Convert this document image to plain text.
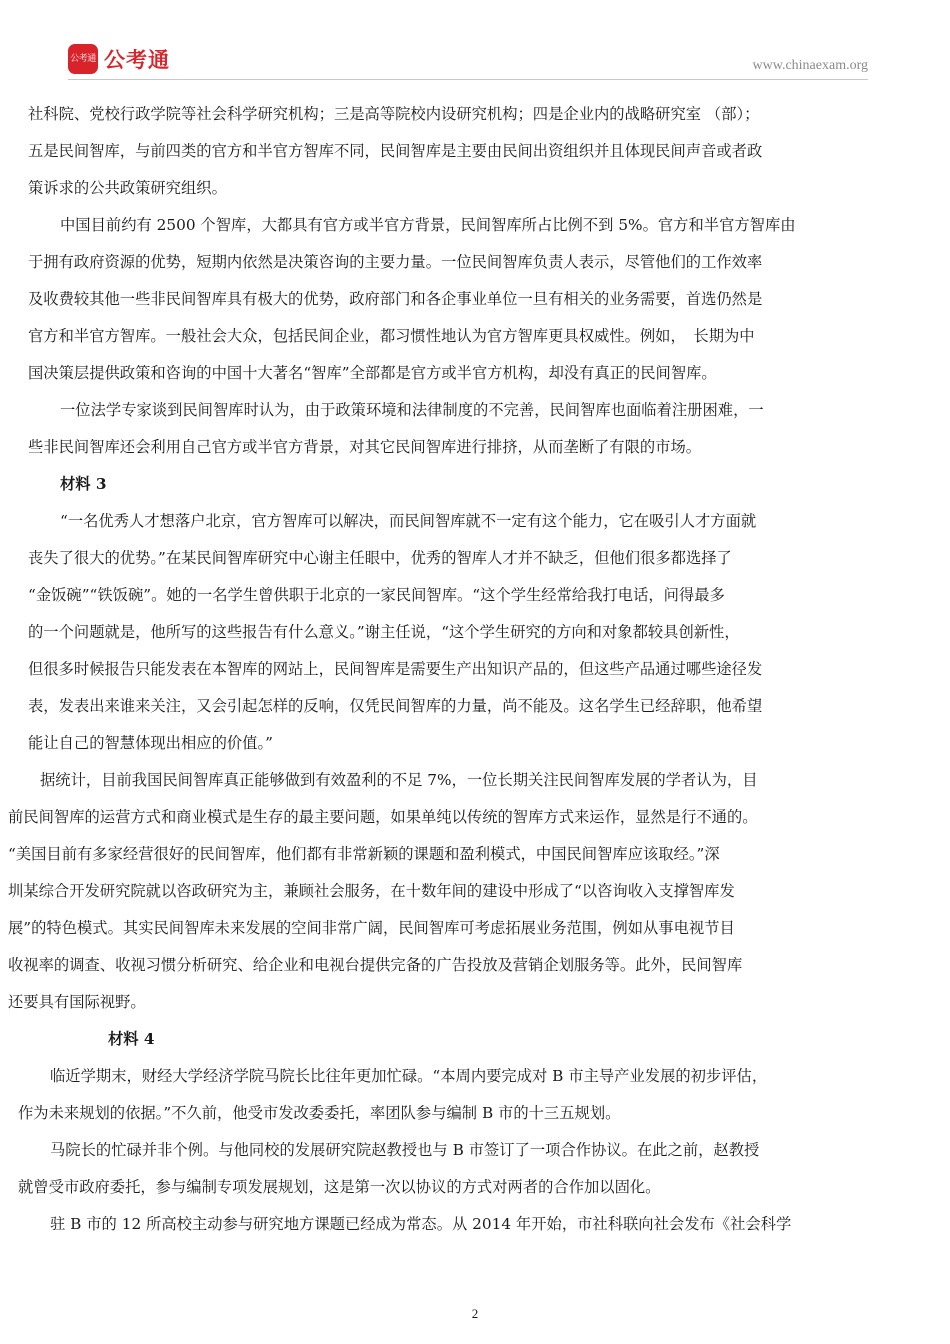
公考通 公考通	www.chinaexam.org

社科院、党校行政学院等社会科学研究机构；三是高等院校内设研究机构；四是企业内的战略研究室 （部）；

五是民间智库，与前四类的官方和半官方智库不同，民间智库是主要由民间出资组织并且体现民间声音或者政

策诉求的公共政策研究组织。

中国目前约有 2500 个智库，大都具有官方或半官方背景，民间智库所占比例不到 5%。官方和半官方智库由

于拥有政府资源的优势，短期内依然是决策咨询的主要力量。一位民间智库负责人表示，尽管他们的工作效率

及收费较其他一些非民间智库具有极大的优势，政府部门和各企事业单位一旦有相关的业务需要，首选仍然是

官方和半官方智库。一般社会大众，包括民间企业，都习惯性地认为官方智库更具权威性。例如，　长期为中

国决策层提供政策和咨询的中国十大著名“智库”全部都是官方或半官方机构，却没有真正的民间智库。

一位法学专家谈到民间智库时认为，由于政策环境和法律制度的不完善，民间智库也面临着注册困难，一

些非民间智库还会利用自己官方或半官方背景，对其它民间智库进行排挤，从而垄断了有限的市场。

材料 3

“一名优秀人才想落户北京，官方智库可以解决，而民间智库就不一定有这个能力，它在吸引人才方面就

丧失了很大的优势。”在某民间智库研究中心谢主任眼中，优秀的智库人才并不缺乏，但他们很多都选择了

“金饭碗”“铁饭碗”。她的一名学生曾供职于北京的一家民间智库。“这个学生经常给我打电话，问得最多

的一个问题就是，他所写的这些报告有什么意义。”谢主任说，“这个学生研究的方向和对象都较具创新性，

但很多时候报告只能发表在本智库的网站上，民间智库是需要生产出知识产品的，但这些产品通过哪些途径发

表，发表出来谁来关注，又会引起怎样的反响，仅凭民间智库的力量，尚不能及。这名学生已经辞职，他希望

能让自己的智慧体现出相应的价值。”

据统计，目前我国民间智库真正能够做到有效盈利的不足 7%，一位长期关注民间智库发展的学者认为，目

前民间智库的运营方式和商业模式是生存的最主要问题，如果单纯以传统的智库方式来运作，显然是行不通的。

“美国目前有多家经营很好的民间智库，他们都有非常新颖的课题和盈利模式，中国民间智库应该取经。”深

圳某综合开发研究院就以咨政研究为主，兼顾社会服务，在十数年间的建设中形成了“以咨询收入支撑智库发

展”的特色模式。其实民间智库未来发展的空间非常广阔，民间智库可考虑拓展业务范围，例如从事电视节目

收视率的调查、收视习惯分析研究、给企业和电视台提供完备的广告投放及营销企划服务等。此外，民间智库

还要具有国际视野。

材料 4

临近学期末，财经大学经济学院马院长比往年更加忙碌。“本周内要完成对 B 市主导产业发展的初步评估，

作为未来规划的依据。”不久前，他受市发改委委托，率团队参与编制 B 市的十三五规划。

马院长的忙碌并非个例。与他同校的发展研究院赵教授也与 B 市签订了一项合作协议。在此之前，赵教授

就曾受市政府委托，参与编制专项发展规划，这是第一次以协议的方式对两者的合作加以固化。

驻 B 市的 12 所高校主动参与研究地方课题已经成为常态。从 2014 年开始，市社科联向社会发布《社会科学

2
